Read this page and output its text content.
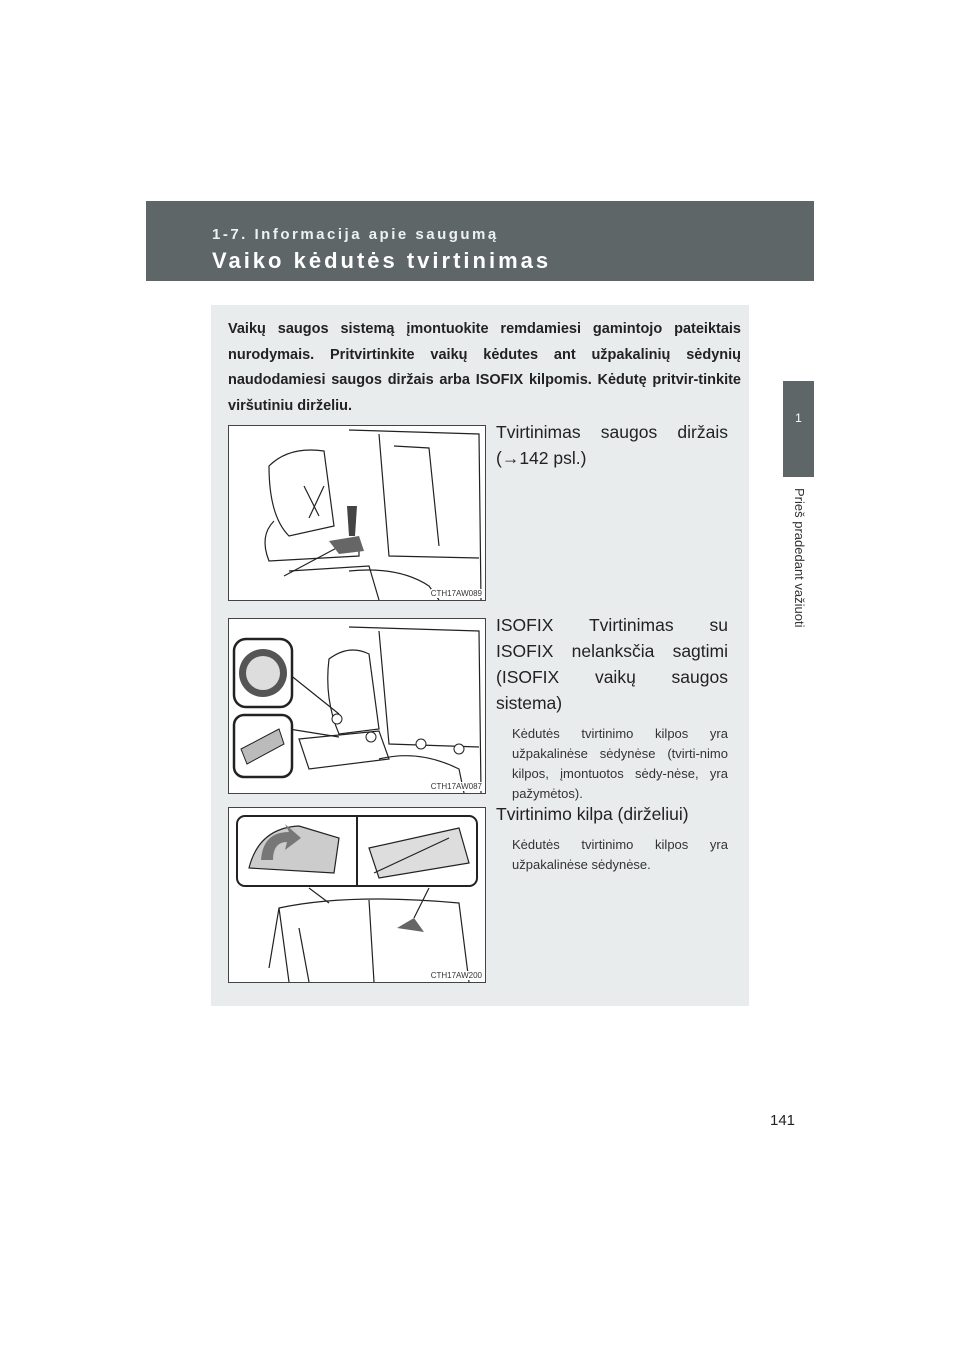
1-7. Informacija apie saugumą
Vaiko kėdutės tvirtinimas
1
Prieš pradedant važiuoti
Vaikų saugos sistemą įmontuokite remdamiesi gamintojo pateiktais nurodymais. Pritvirtinkite vaikų kėdutes ant užpakalinių sėdynių naudodamiesi saugos diržais arba ISOFIX kilpomis. Kėdutę pritvir-tinkite viršutiniu dirželiu.
CTH17AW089
Tvirtinimas saugos diržais (→142 psl.)
CTH17AW087
ISOFIX Tvirtinimas su ISOFIX nelanksčia sagtimi (ISOFIX vaikų saugos sistema)
Kėdutės tvirtinimo kilpos yra užpakalinėse sėdynėse (tvirti-nimo kilpos, įmontuotos sėdy-nėse, yra pažymėtos).
CTH17AW200
Tvirtinimo kilpa (dirželiui)
Kėdutės tvirtinimo kilpos yra užpakalinėse sėdynėse.
141
